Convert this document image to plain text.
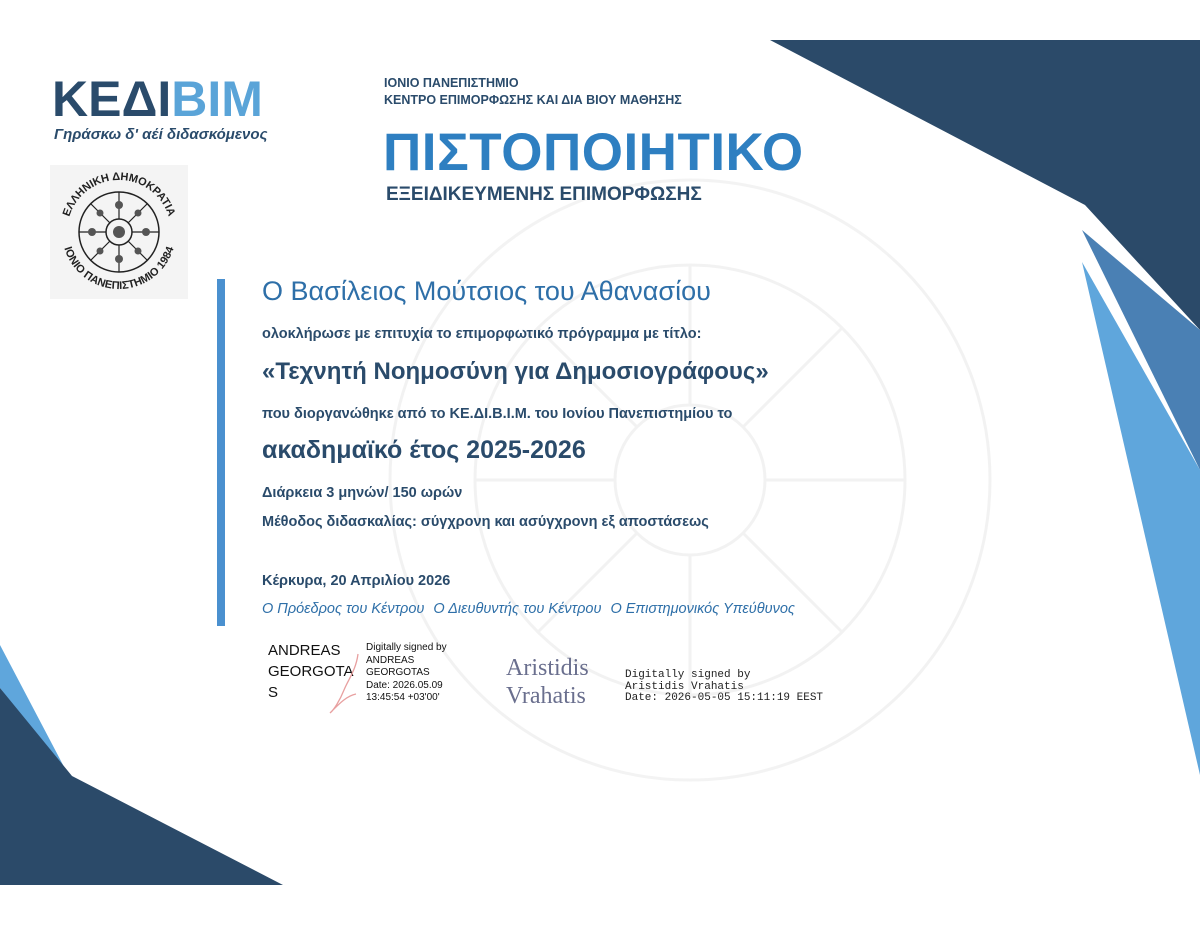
ΚΕΔΙΒΙΜ
Γηράσκω δ' αέί διδασκόμενος
ΕΛΛΗΝΙΚΗ ΔΗΜΟΚΡΑΤΙΑ
ΙΟΝΙΟ ΠΑΝΕΠΙΣΤΗΜΙΟ 1984
ΙΟΝΙΟ ΠΑΝΕΠΙΣΤΗΜΙΟ
ΚΕΝΤΡΟ ΕΠΙΜΟΡΦΩΣΗΣ ΚΑΙ ΔΙΑ ΒΙΟΥ ΜΑΘΗΣΗΣ
ΠΙΣΤΟΠΟΙΗΤΙΚΟ
ΕΞΕΙΔΙΚΕΥΜΕΝΗΣ ΕΠΙΜΟΡΦΩΣΗΣ
Ο Βασίλειος Μούτσιος του Αθανασίου
ολοκλήρωσε με επιτυχία το επιμορφωτικό πρόγραμμα με τίτλο:
«Τεχνητή Νοημοσύνη για Δημοσιογράφους»
που διοργανώθηκε από το ΚΕ.ΔΙ.Β.Ι.Μ. του Ιονίου Πανεπιστημίου το
ακαδημαϊκό έτος 2025-2026
Διάρκεια 3 μηνών/ 150 ωρών
Μέθοδος διδασκαλίας: σύγχρονη και ασύγχρονη εξ αποστάσεως
Κέρκυρα, 20 Απριλίου 2026
Ο Πρόεδρος του Κέντρου Ο Διευθυντής του Κέντρου Ο Επιστημονικός Υπεύθυνος
ANDREAS
GEORGOTA
S
Digitally signed by
ANDREAS
GEORGOTAS
Date: 2026.05.09
13:45:54 +03'00'
Aristidis
Vrahatis
Digitally signed by
Aristidis Vrahatis
Date: 2026-05-05 15:11:19 EEST
